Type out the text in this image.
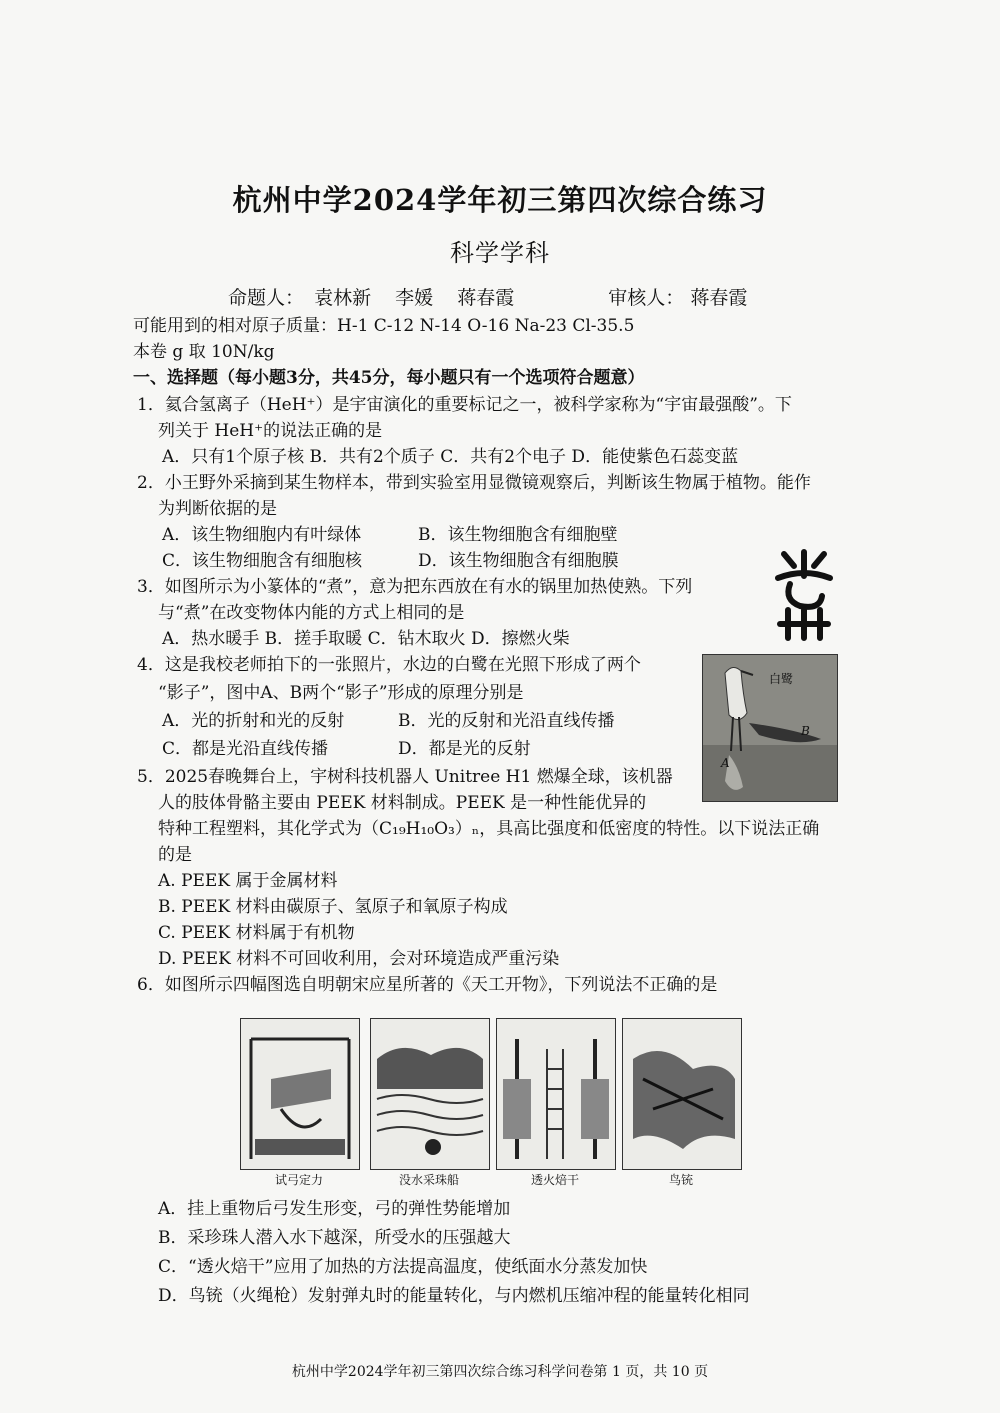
杭州中学2024学年初三第四次综合练习
科学学科
命题人： 袁林新 李媛 蒋春霞	审核人： 蒋春霞
可能用到的相对原子质量：H-1 C-12 N-14 O-16 Na-23 Cl-35.5
本卷 g 取 10N/kg
一、选择题（每小题3分，共45分，每小题只有一个选项符合题意）
1．氦合氢离子（HeH⁺）是宇宙演化的重要标记之一，被科学家称为“宇宙最强酸”。下
列关于 HeH⁺的说法正确的是
A．只有1个原子核 B．共有2个质子 C．共有2个电子 D．能使紫色石蕊变蓝
2．小王野外采摘到某生物样本，带到实验室用显微镜观察后，判断该生物属于植物。能作
为判断依据的是
A．该生物细胞内有叶绿体	B．该生物细胞含有细胞壁
C．该生物细胞含有细胞核	D．该生物细胞含有细胞膜
3．如图所示为小篆体的“煮”，意为把东西放在有水的锅里加热使熟。下列
与“煮”在改变物体内能的方式上相同的是
A．热水暖手 B．搓手取暖 C．钻木取火 D．擦燃火柴
4．这是我校老师拍下的一张照片，水边的白鹭在光照下形成了两个
“影子”，图中A、B两个“影子”形成的原理分别是
A．光的折射和光的反射	B．光的反射和光沿直线传播
C．都是光沿直线传播	D．都是光的反射
白鹭
B
A
5．2025春晚舞台上，宇树科技机器人 Unitree H1 燃爆全球，该机器
人的肢体骨骼主要由 PEEK 材料制成。PEEK 是一种性能优异的
特种工程塑料，其化学式为（C₁₉H₁₀O₃）ₙ，具高比强度和低密度的特性。以下说法正确
的是
A. PEEK 属于金属材料
B. PEEK 材料由碳原子、氢原子和氧原子构成
C. PEEK 材料属于有机物
D. PEEK 材料不可回收利用，会对环境造成严重污染
6．如图所示四幅图选自明朝宋应星所著的《天工开物》，下列说法不正确的是
试弓定力	没水采珠船	透火焙干	鸟铳
A．挂上重物后弓发生形变，弓的弹性势能增加
B．采珍珠人潜入水下越深，所受水的压强越大
C．“透火焙干”应用了加热的方法提高温度，使纸面水分蒸发加快
D．鸟铳（火绳枪）发射弹丸时的能量转化，与内燃机压缩冲程的能量转化相同
杭州中学2024学年初三第四次综合练习科学问卷第 1 页，共 10 页
